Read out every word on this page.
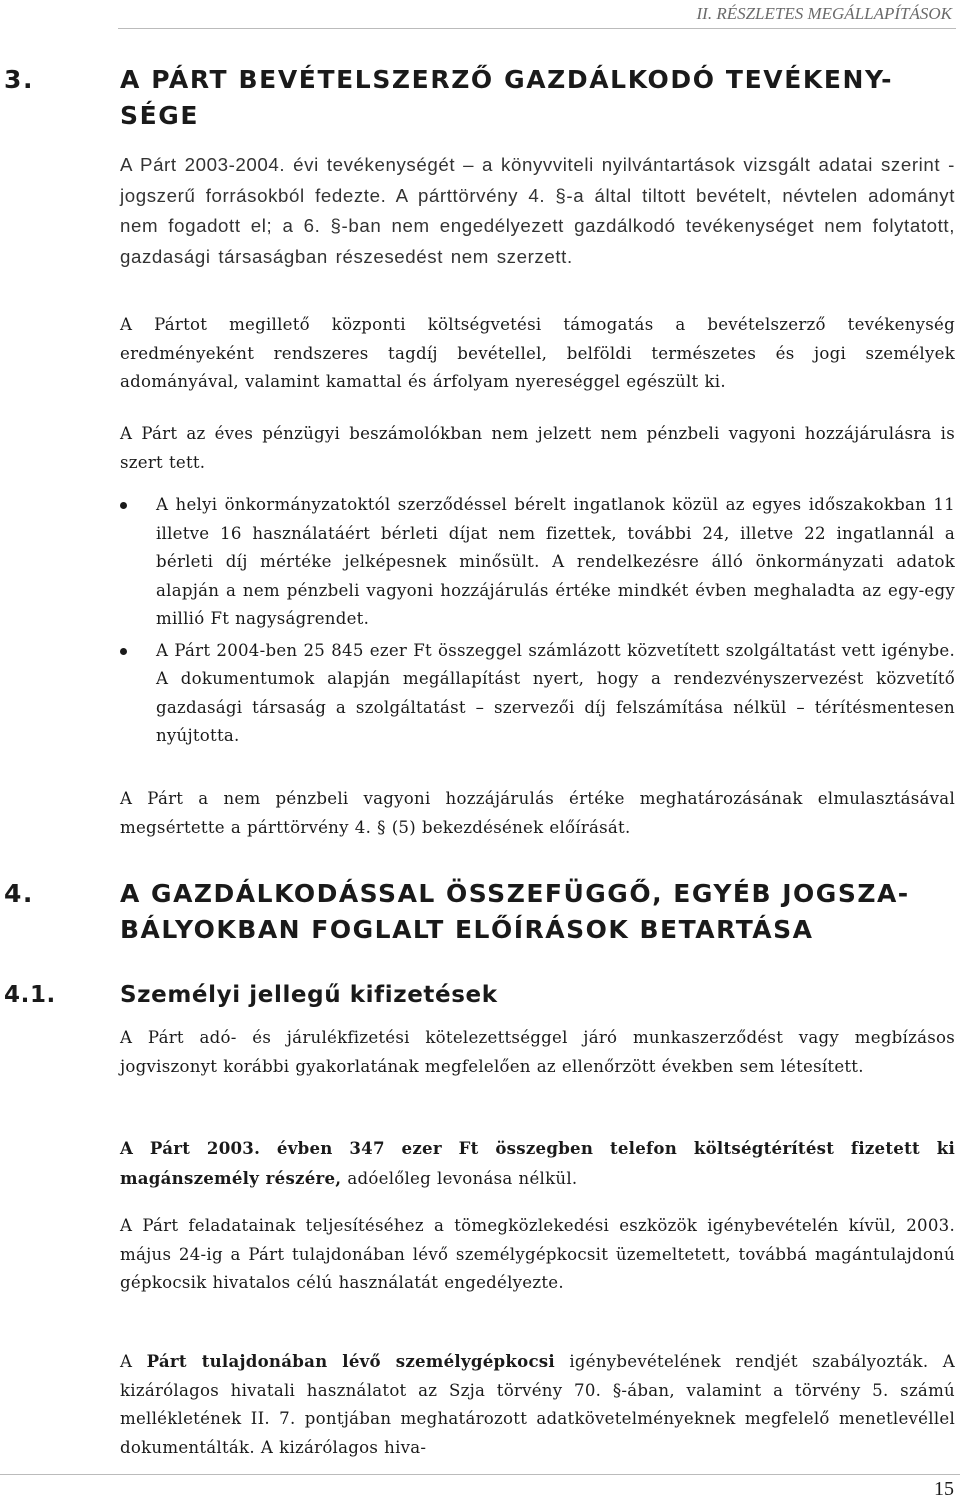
II. RÉSZLETES MEGÁLLAPÍTÁSOK
3.	A PÁRT BEVÉTELSZERZŐ GAZDÁLKODÓ TEVÉKENY-
SÉGE

A Párt 2003-2004. évi tevékenységét – a könyvviteli nyilvántartások vizsgált adatai szerint - jogszerű forrásokból fedezte. A párttörvény 4. §-a által tiltott bevételt, névtelen adományt nem fogadott el; a 6. §-ban nem engedélyezett gazdálkodó tevékenységet nem folytatott, gazdasági társaságban részesedést nem szerzett.

A Pártot megillető központi költségvetési támogatás a bevételszerző tevékenység eredményeként rendszeres tagdíj bevétellel, belföldi természetes és jogi személyek adományával, valamint kamattal és árfolyam nyereséggel egészült ki.

A Párt az éves pénzügyi beszámolókban nem jelzett nem pénzbeli vagyoni hozzájárulásra is szert tett.

A helyi önkormányzatoktól szerződéssel bérelt ingatlanok közül az egyes időszakokban 11 illetve 16 használatáért bérleti díjat nem fizettek, további 24, illetve 22 ingatlannál a bérleti díj mértéke jelképesnek minősült. A rendelkezésre álló önkormányzati adatok alapján a nem pénzbeli vagyoni hozzájárulás értéke mindkét évben meghaladta az egy-egy millió Ft nagyságrendet.
A Párt 2004-ben 25 845 ezer Ft összeggel számlázott közvetített szolgáltatást vett igénybe. A dokumentumok alapján megállapítást nyert, hogy a rendezvényszervezést közvetítő gazdasági társaság a szolgáltatást – szervezői díj felszámítása nélkül – térítésmentesen nyújtotta.

A Párt a nem pénzbeli vagyoni hozzájárulás értéke meghatározásának elmulasztásával megsértette a párttörvény 4. § (5) bekezdésének előírását.

4.	A GAZDÁLKODÁSSAL ÖSSZEFÜGGŐ, EGYÉB JOGSZA-
BÁLYOKBAN FOGLALT ELŐÍRÁSOK BETARTÁSA
4.1.	Személyi jellegű kifizetések

A Párt adó- és járulékfizetési kötelezettséggel járó munkaszerződést vagy megbízásos jogviszonyt korábbi gyakorlatának megfelelően az ellenőrzött években sem létesített.

A Párt 2003. évben 347 ezer Ft összegben telefon költségtérítést fizetett ki magánszemély részére, adóelőleg levonása nélkül.

A Párt feladatainak teljesítéséhez a tömegközlekedési eszközök igénybevételén kívül, 2003. május 24-ig a Párt tulajdonában lévő személygépkocsit üzemeltetett, továbbá magántulajdonú gépkocsik hivatalos célú használatát engedélyezte.

A Párt tulajdonában lévő személygépkocsi igénybevételének rendjét szabályozták. A kizárólagos hivatali használatot az Szja törvény 70. §-ában, valamint a törvény 5. számú mellékletének II. 7. pontjában meghatározott adatkövetelményeknek megfelelő menetlevéllel dokumentálták. A kizárólagos hiva-

15
